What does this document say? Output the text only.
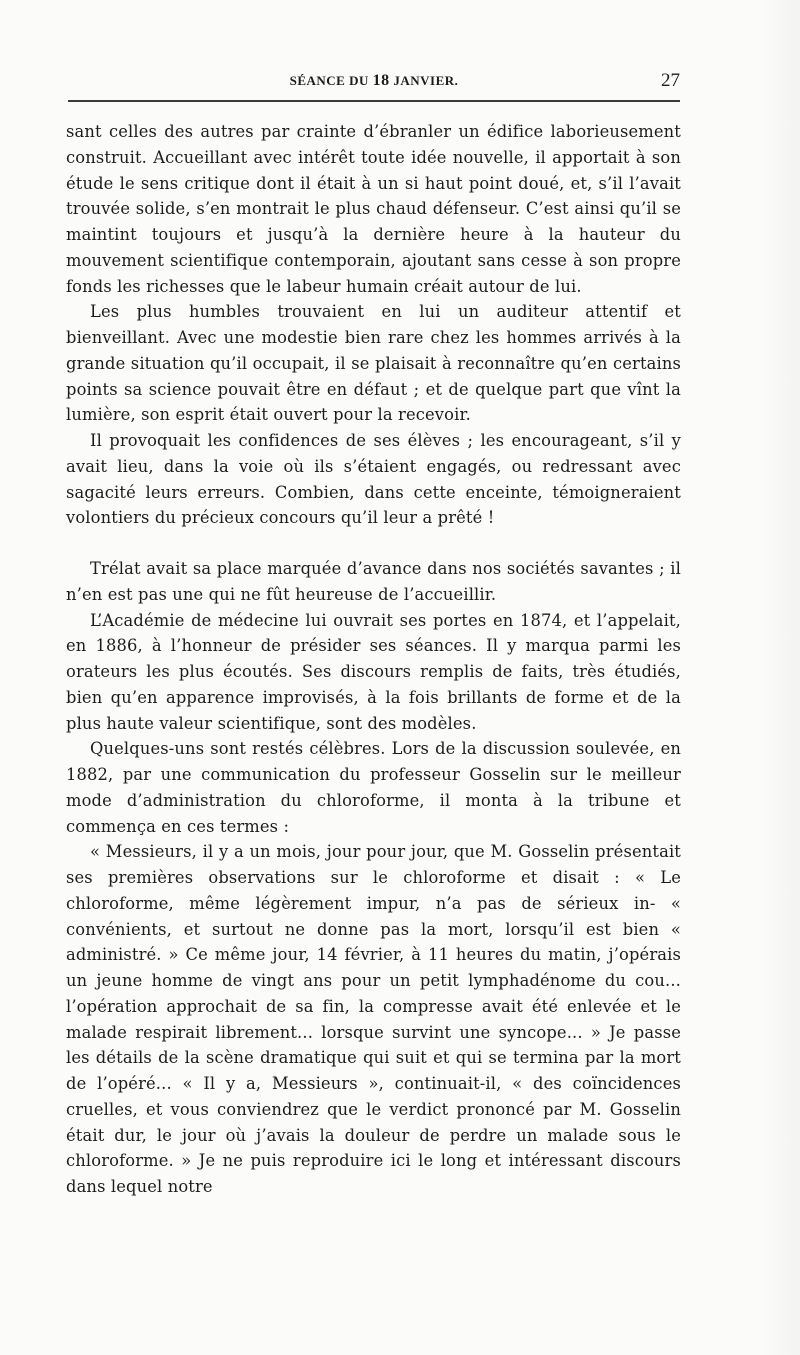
SÉANCE DU 18 JANVIER.	27

sant celles des autres par crainte d’ébranler un édifice laborieusement construit. Accueillant avec intérêt toute idée nouvelle, il apportait à son étude le sens critique dont il était à un si haut point doué, et, s’il l’avait trouvée solide, s’en montrait le plus chaud défenseur. C’est ainsi qu’il se maintint toujours et jusqu’à la dernière heure à la hauteur du mouvement scientifique contemporain, ajoutant sans cesse à son propre fonds les richesses que le labeur humain créait autour de lui.

Les plus humbles trouvaient en lui un auditeur attentif et bienveillant. Avec une modestie bien rare chez les hommes arrivés à la grande situation qu’il occupait, il se plaisait à reconnaître qu’en certains points sa science pouvait être en défaut ; et de quelque part que vînt la lumière, son esprit était ouvert pour la recevoir.

Il provoquait les confidences de ses élèves ; les encourageant, s’il y avait lieu, dans la voie où ils s’étaient engagés, ou redressant avec sagacité leurs erreurs. Combien, dans cette enceinte, témoigneraient volontiers du précieux concours qu’il leur a prêté !

Trélat avait sa place marquée d’avance dans nos sociétés savantes ; il n’en est pas une qui ne fût heureuse de l’accueillir.

L’Académie de médecine lui ouvrait ses portes en 1874, et l’appelait, en 1886, à l’honneur de présider ses séances. Il y marqua parmi les orateurs les plus écoutés. Ses discours remplis de faits, très étudiés, bien qu’en apparence improvisés, à la fois brillants de forme et de la plus haute valeur scientifique, sont des modèles.

Quelques-uns sont restés célèbres. Lors de la discussion soulevée, en 1882, par une communication du professeur Gosselin sur le meilleur mode d’administration du chloroforme, il monta à la tribune et commença en ces termes :

« Messieurs, il y a un mois, jour pour jour, que M. Gosselin présentait ses premières observations sur le chloroforme et disait : « Le chloroforme, même légèrement impur, n’a pas de sérieux in- « convénients, et surtout ne donne pas la mort, lorsqu’il est bien « administré. » Ce même jour, 14 février, à 11 heures du matin, j’opérais un jeune homme de vingt ans pour un petit lymphadénome du cou... l’opération approchait de sa fin, la compresse avait été enlevée et le malade respirait librement... lorsque survint une syncope... » Je passe les détails de la scène dramatique qui suit et qui se termina par la mort de l’opéré... « Il y a, Messieurs », continuait-il, « des coïncidences cruelles, et vous conviendrez que le verdict prononcé par M. Gosselin était dur, le jour où j’avais la douleur de perdre un malade sous le chloroforme. » Je ne puis reproduire ici le long et intéressant discours dans lequel notre
